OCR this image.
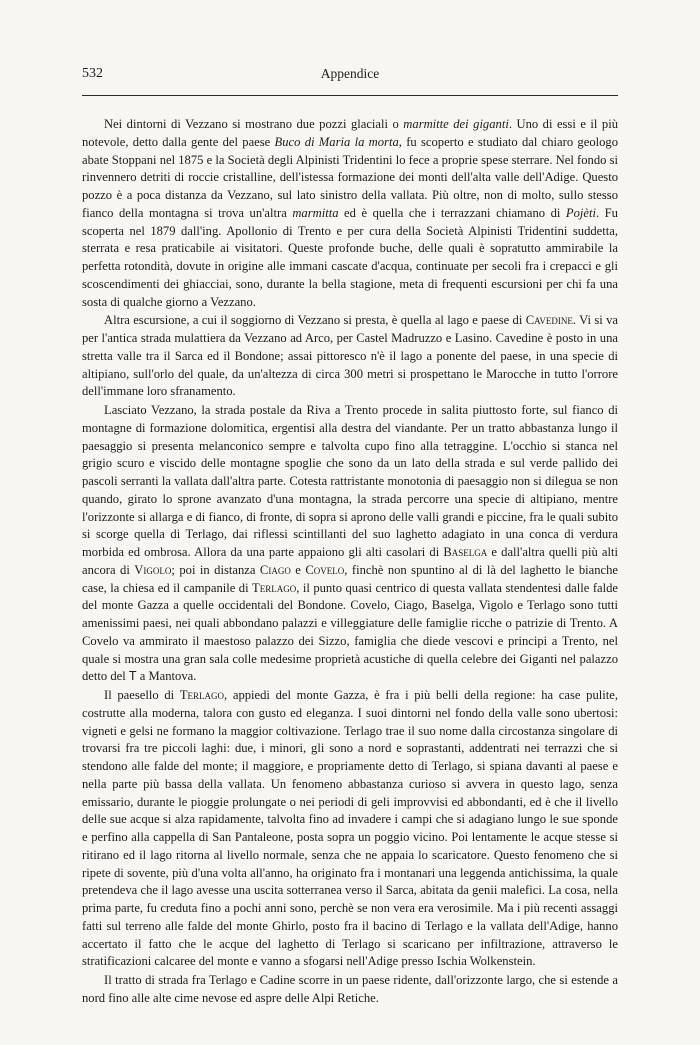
532	Appendice

Nei dintorni di Vezzano si mostrano due pozzi glaciali o marmitte dei giganti. Uno di essi e il più notevole, detto dalla gente del paese Buco di Maria la morta, fu scoperto e studiato dal chiaro geologo abate Stoppani nel 1875 e la Società degli Alpinisti Tridentini lo fece a proprie spese sterrare. Nel fondo si rinvennero detriti di roccie cristalline, dell'istessa formazione dei monti dell'alta valle dell'Adige. Questo pozzo è a poca distanza da Vezzano, sul lato sinistro della vallata. Più oltre, non di molto, sullo stesso fianco della montagna si trova un'altra marmitta ed è quella che i terrazzani chiamano di Pojèti. Fu scoperta nel 1879 dall'ing. Apollonio di Trento e per cura della Società Alpinisti Tridentini suddetta, sterrata e resa praticabile ai visitatori. Queste profonde buche, delle quali è sopratutto ammirabile la perfetta rotondità, dovute in origine alle immani cascate d'acqua, continuate per secoli fra i crepacci e gli scoscendimenti dei ghiacciai, sono, durante la bella stagione, meta di frequenti escursioni per chi fa una sosta di qualche giorno a Vezzano.

Altra escursione, a cui il soggiorno di Vezzano si presta, è quella al lago e paese di Cavedine. Vi si va per l'antica strada mulattiera da Vezzano ad Arco, per Castel Madruzzo e Lasino. Cavedine è posto in una stretta valle tra il Sarca ed il Bondone; assai pittoresco n'è il lago a ponente del paese, in una specie di altipiano, sull'orlo del quale, da un'altezza di circa 300 metri si prospettano le Marocche in tutto l'orrore dell'immane loro sfranamento.

Lasciato Vezzano, la strada postale da Riva a Trento procede in salita piuttosto forte, sul fianco di montagne di formazione dolomitica, ergentisi alla destra del viandante. Per un tratto abbastanza lungo il paesaggio si presenta melanconico sempre e talvolta cupo fino alla tetraggine. L'occhio si stanca nel grigio scuro e viscido delle montagne spoglie che sono da un lato della strada e sul verde pallido dei pascoli serranti la vallata dall'altra parte. Cotesta rattristante monotonia di paesaggio non si dilegua se non quando, girato lo sprone avanzato d'una montagna, la strada percorre una specie di altipiano, mentre l'orizzonte si allarga e di fianco, di fronte, di sopra si aprono delle valli grandi e piccine, fra le quali subito si scorge quella di Terlago, dai riflessi scintillanti del suo laghetto adagiato in una conca di verdura morbida ed ombrosa. Allora da una parte appaiono gli alti casolari di Baselga e dall'altra quelli più alti ancora di Vigolo; poi in distanza Ciago e Covelo, finchè non spuntino al di là del laghetto le bianche case, la chiesa ed il campanile di Terlago, il punto quasi centrico di questa vallata stendentesi dalle falde del monte Gazza a quelle occidentali del Bondone. Covelo, Ciago, Baselga, Vigolo e Terlago sono tutti amenissimi paesi, nei quali abbondano palazzi e villeggiature delle famiglie ricche o patrizie di Trento. A Covelo va ammirato il maestoso palazzo dei Sizzo, famiglia che diede vescovi e principi a Trento, nel quale si mostra una gran sala colle medesime proprietà acustiche di quella celebre dei Giganti nel palazzo detto del T a Mantova.

Il paesello di Terlago, appiedi del monte Gazza, è fra i più belli della regione: ha case pulite, costrutte alla moderna, talora con gusto ed eleganza. I suoi dintorni nel fondo della valle sono ubertosi: vigneti e gelsi ne formano la maggior coltivazione. Terlago trae il suo nome dalla circostanza singolare di trovarsi fra tre piccoli laghi: due, i minori, gli sono a nord e soprastanti, addentrati nei terrazzi che si stendono alle falde del monte; il maggiore, e propriamente detto di Terlago, si spiana davanti al paese e nella parte più bassa della vallata. Un fenomeno abbastanza curioso si avvera in questo lago, senza emissario, durante le pioggie prolungate o nei periodi di geli improvvisi ed abbondanti, ed è che il livello delle sue acque si alza rapidamente, talvolta fino ad invadere i campi che si adagiano lungo le sue sponde e perfino alla cappella di San Pantaleone, posta sopra un poggio vicino. Poi lentamente le acque stesse si ritirano ed il lago ritorna al livello normale, senza che ne appaia lo scaricatore. Questo fenomeno che si ripete di sovente, più d'una volta all'anno, ha originato fra i montanari una leggenda antichissima, la quale pretendeva che il lago avesse una uscita sotterranea verso il Sarca, abitata da genii malefici. La cosa, nella prima parte, fu creduta fino a pochi anni sono, perchè se non vera era verosimile. Ma i più recenti assaggi fatti sul terreno alle falde del monte Ghirlo, posto fra il bacino di Terlago e la vallata dell'Adige, hanno accertato il fatto che le acque del laghetto di Terlago si scaricano per infiltrazione, attraverso le stratificazioni calcaree del monte e vanno a sfogarsi nell'Adige presso Ischia Wolkenstein.

Il tratto di strada fra Terlago e Cadine scorre in un paese ridente, dall'orizzonte largo, che si estende a nord fino alle alte cime nevose ed aspre delle Alpi Retiche.
